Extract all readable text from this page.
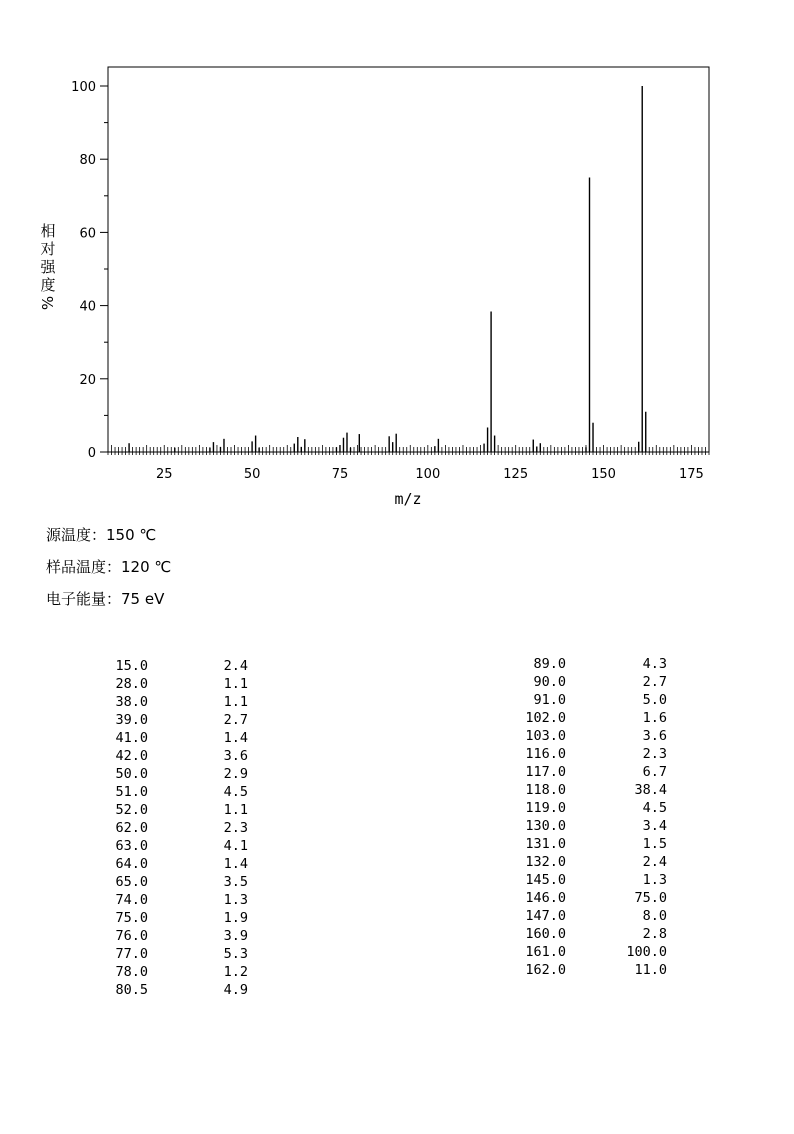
0
20
40
60
80
100
25	50	75	100	125	150	175
m/z
相
对
强
度
%
源温度：150 ℃
样品温度：120 ℃
电子能量：75 eV
15.0	2.4
28.0	1.1
38.0	1.1
39.0	2.7
41.0	1.4
42.0	3.6
50.0	2.9
51.0	4.5
52.0	1.1
62.0	2.3
63.0	4.1
64.0	1.4
65.0	3.5
74.0	1.3
75.0	1.9
76.0	3.9
77.0	5.3
78.0	1.2
80.5	4.9
89.0	4.3
90.0	2.7
91.0	5.0
102.0	1.6
103.0	3.6
116.0	2.3
117.0	6.7
118.0	38.4
119.0	4.5
130.0	3.4
131.0	1.5
132.0	2.4
145.0	1.3
146.0	75.0
147.0	8.0
160.0	2.8
161.0	100.0
162.0	11.0
